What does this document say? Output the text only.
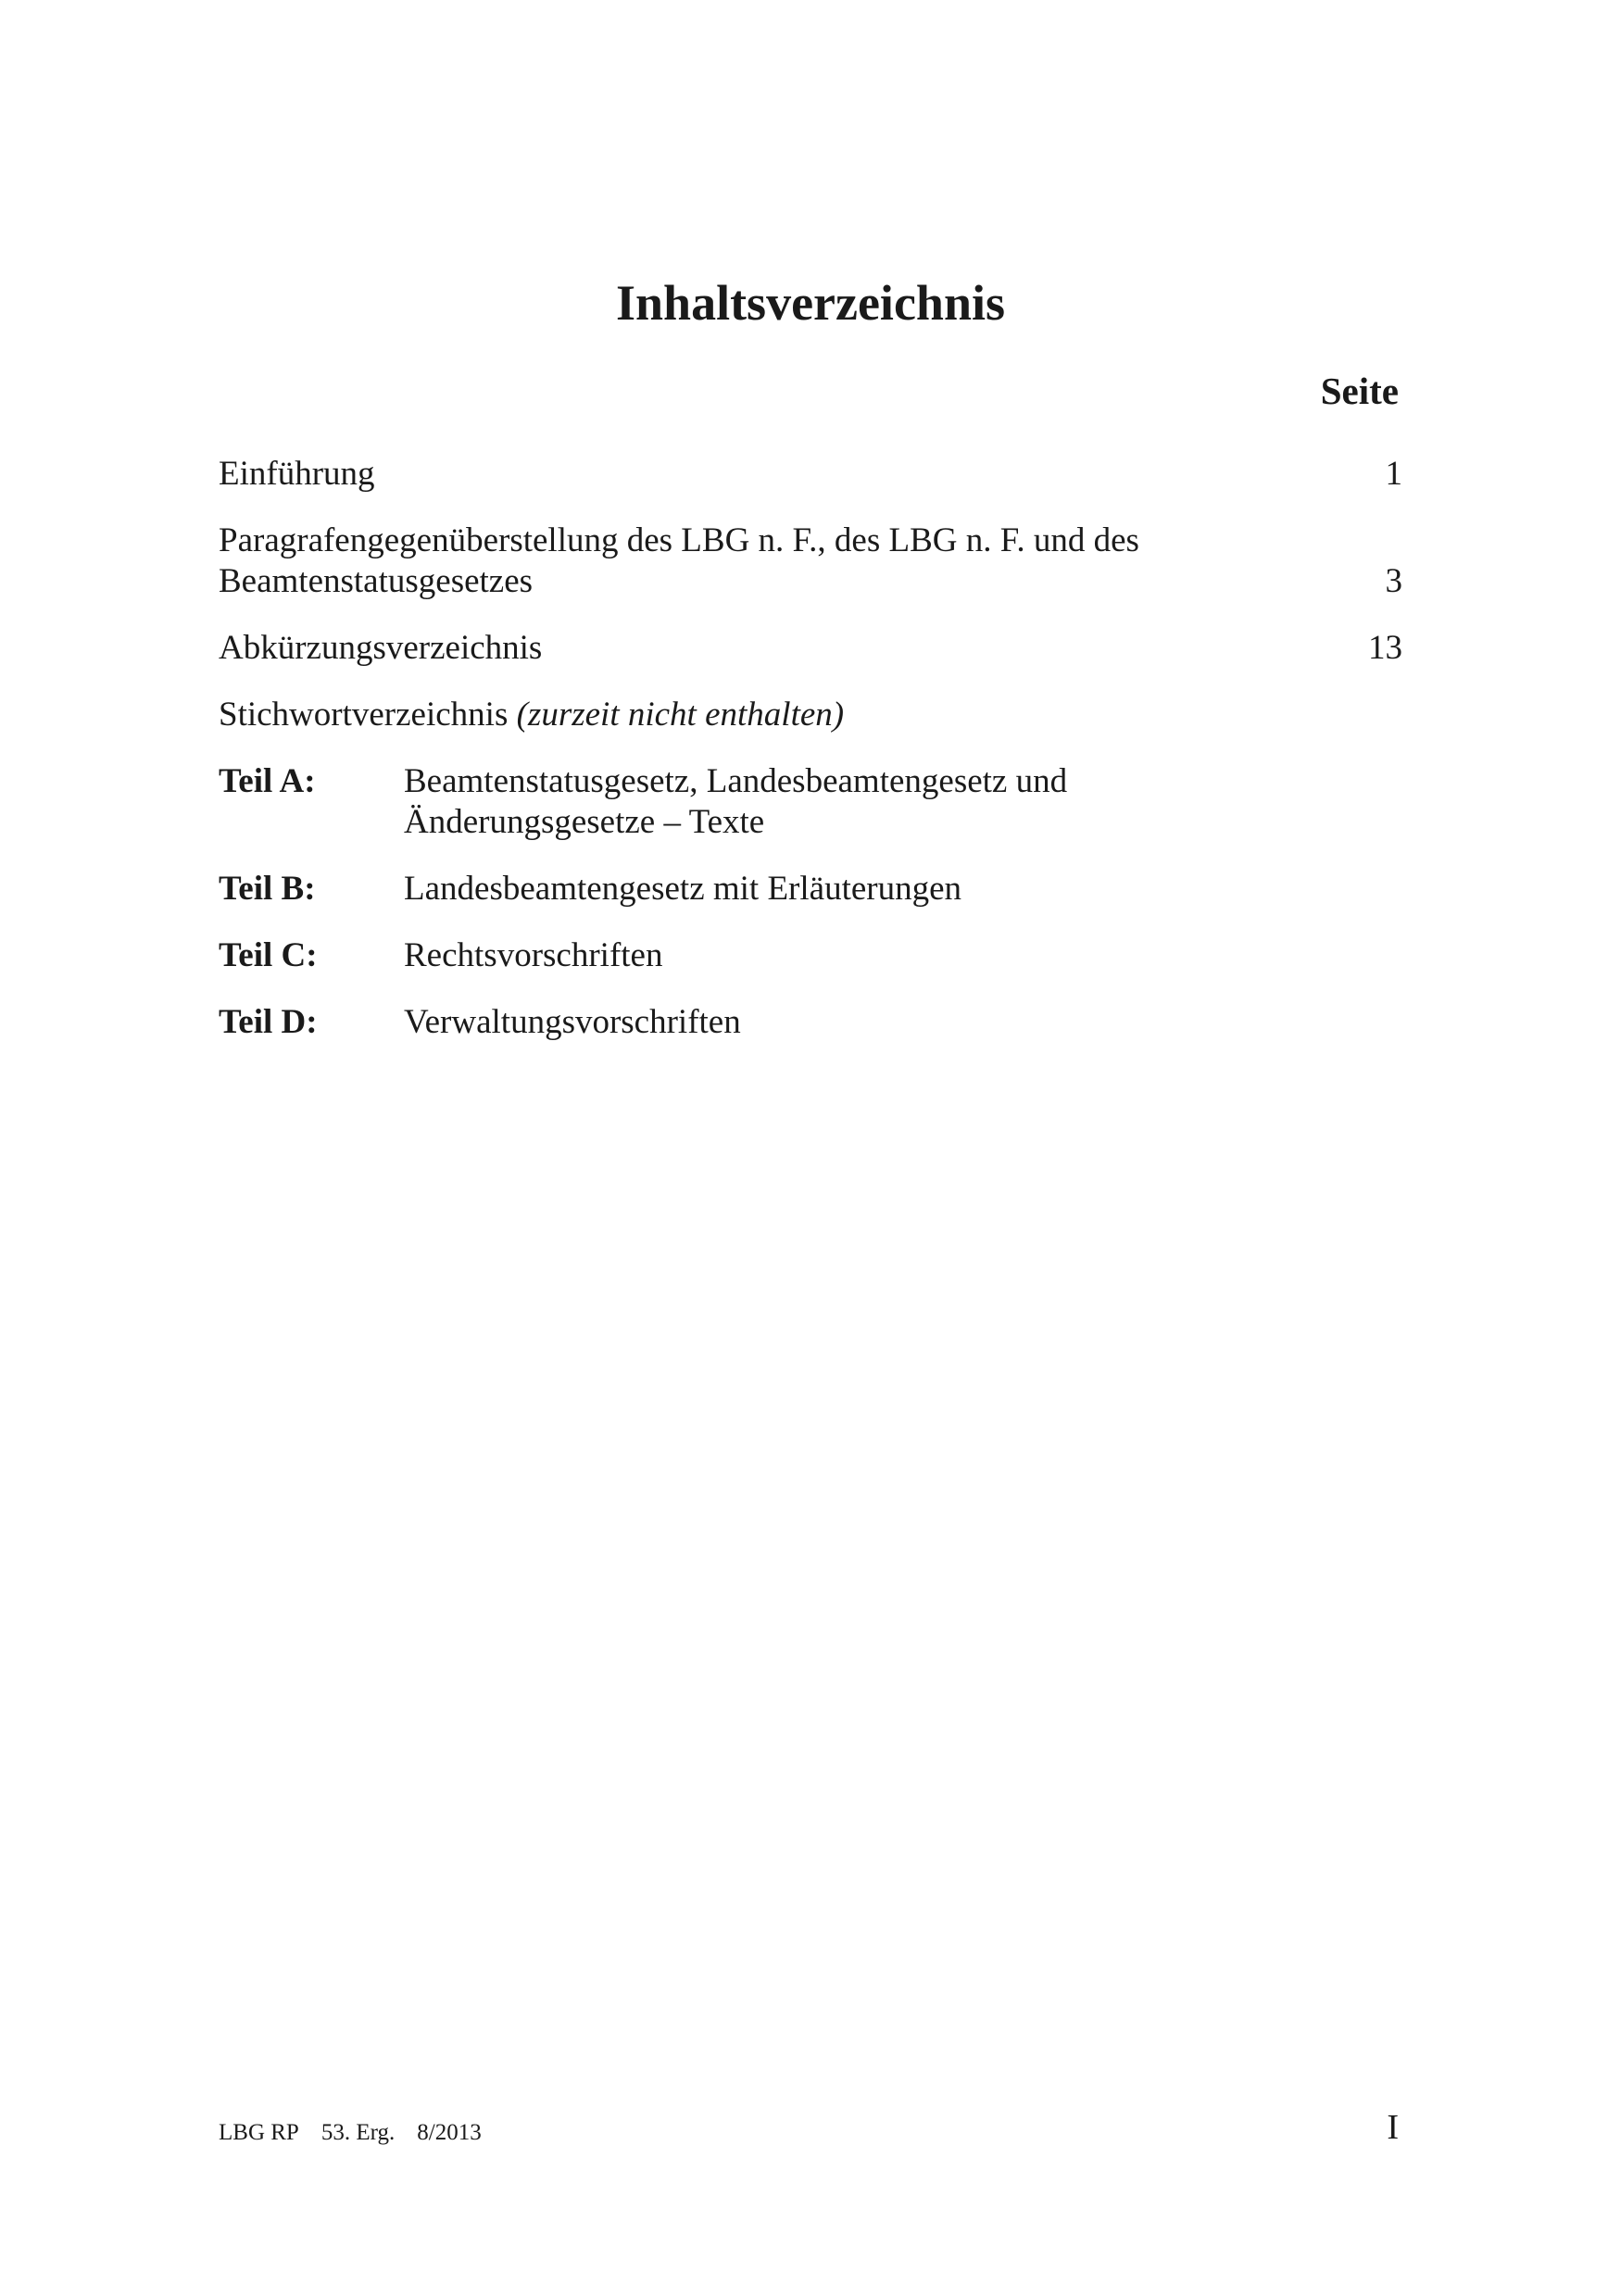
Inhaltsverzeichnis
Seite
Einführung	1
Paragrafengegenüberstellung des LBG n. F., des LBG n. F. und des Beamtenstatusgesetzes	3
Abkürzungsverzeichnis	13
Stichwortverzeichnis (zurzeit nicht enthalten)
Teil A:	Beamtenstatusgesetz, Landesbeamtengesetz und Änderungsgesetze – Texte
Teil B:	Landesbeamtengesetz mit Erläuterungen
Teil C:	Rechtsvorschriften
Teil D:	Verwaltungsvorschriften
LBG RP 53. Erg. 8/2013	I
